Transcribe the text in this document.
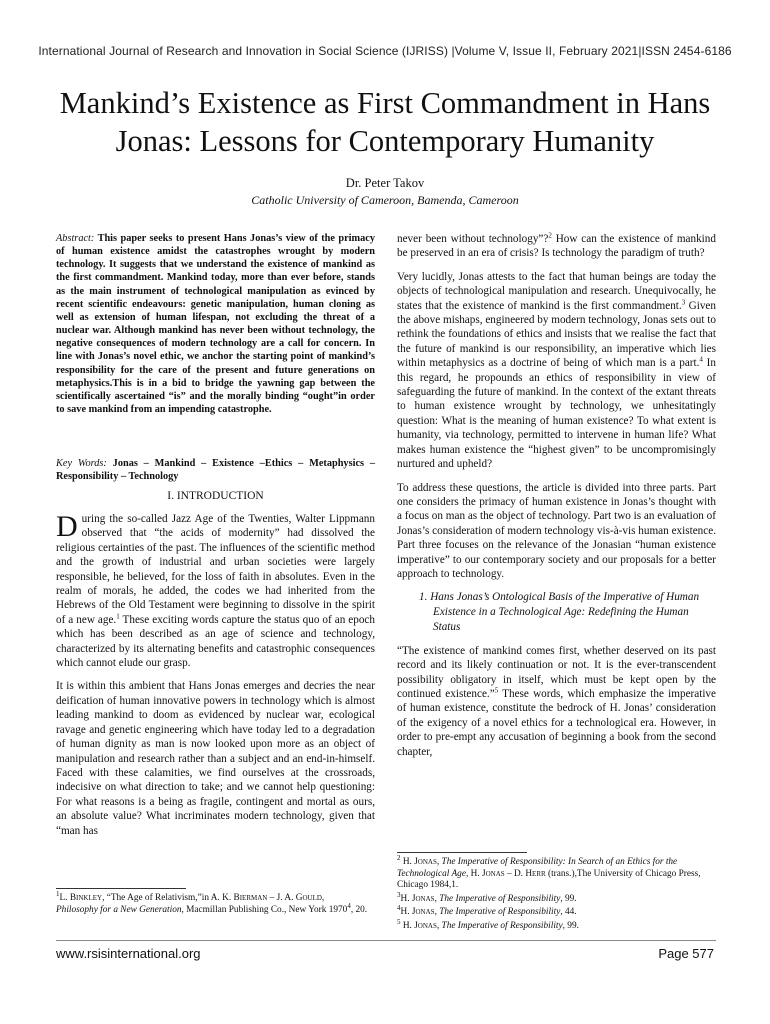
International Journal of Research and Innovation in Social Science (IJRISS) |Volume V, Issue II, February 2021|ISSN 2454-6186
Mankind’s Existence as First Commandment in Hans Jonas: Lessons for Contemporary Humanity
Dr. Peter Takov
Catholic University of Cameroon, Bamenda, Cameroon
Abstract: This paper seeks to present Hans Jonas’s view of the primacy of human existence amidst the catastrophes wrought by modern technology. It suggests that we understand the existence of mankind as the first commandment. Mankind today, more than ever before, stands as the main instrument of technological manipulation as evinced by recent scientific endeavours: genetic manipulation, human cloning as well as extension of human lifespan, not excluding the threat of a nuclear war. Although mankind has never been without technology, the negative consequences of modern technology are a call for concern. In line with Jonas’s novel ethic, we anchor the starting point of mankind’s responsibility for the care of the present and future generations on metaphysics.This is in a bid to bridge the yawning gap between the scientifically ascertained “is” and the morally binding “ought”in order to save mankind from an impending catastrophe.
Key Words: Jonas – Mankind – Existence –Ethics – Metaphysics – Responsibility – Technology
I. INTRODUCTION

During the so-called Jazz Age of the Twenties, Walter Lippmann observed that “the acids of modernity” had dissolved the religious certainties of the past. The influences of the scientific method and the growth of industrial and urban societies were largely responsible, he believed, for the loss of faith in absolutes. Even in the realm of morals, he added, the codes we had inherited from the Hebrews of the Old Testament were beginning to dissolve in the spirit of a new age.$^1$ These exciting words capture the status quo of an epoch which has been described as an age of science and technology, characterized by its alternating benefits and catastrophic consequences which cannot elude our grasp.

It is within this ambient that Hans Jonas emerges and decries the near deification of human innovative powers in technology which is almost leading mankind to doom as evidenced by nuclear war, ecological ravage and genetic engineering which have today led to a degradation of human dignity as man is now looked upon more as an object of manipulation and research rather than a subject and an end-in-himself. Faced with these calamities, we find ourselves at the crossroads, indecisive on what direction to take; and we cannot help questioning: For what reasons is a being as fragile, contingent and mortal as ours, an absolute value? What incriminates modern technology, given that “man has

$^1$L. Binkley, “The Age of Relativism,”in A. K. Bierman – J. A. Gould,
Philosophy for a New Generation, Macmillan Publishing Co., New York 1970$^4$, 20.

never been without technology”?$^2$ How can the existence of mankind be preserved in an era of crisis? Is technology the paradigm of truth?

Very lucidly, Jonas attests to the fact that human beings are today the objects of technological manipulation and research. Unequivocally, he states that the existence of mankind is the first commandment.$^3$ Given the above mishaps, engineered by modern technology, Jonas sets out to rethink the foundations of ethics and insists that we realise the fact that the future of mankind is our responsibility, an imperative which lies within metaphysics as a doctrine of being of which man is a part.$^4$ In this regard, he propounds an ethics of responsibility in view of safeguarding the future of mankind. In the context of the extant threats to human existence wrought by technology, we unhesitatingly question: What is the meaning of human existence? To what extent is humanity, via technology, permitted to intervene in human life? What makes human existence the “highest given” to be uncompromisingly nurtured and upheld?

To address these questions, the article is divided into three parts. Part one considers the primacy of human existence in Jonas’s thought with a focus on man as the object of technology. Part two is an evaluation of Jonas’s consideration of modern technology vis-à-vis human existence. Part three focuses on the relevance of the Jonasian “human existence imperative” to our contemporary society and our proposals for a better approach to technology.

1. Hans Jonas’s Ontological Basis of the Imperative of Human Existence in a Technological Age: Redefining the Human Status

“The existence of mankind comes first, whether deserved on its past record and its likely continuation or not. It is the ever-transcendent possibility obligatory in itself, which must be kept open by the continued existence.”$^5$ These words, which emphasize the imperative of human existence, constitute the bedrock of H. Jonas’ consideration of the exigency of a novel ethics for a technological era. However, in order to pre-empt any accusation of beginning a book from the second chapter,

$^2$ H. Jonas, The Imperative of Responsibility: In Search of an Ethics for the Technological Age, H. Jonas – D. Herr (trans.),The University of Chicago Press, Chicago 1984,1.

$^3$H. Jonas, The Imperative of Responsibility, 99.

$^4$H. Jonas, The Imperative of Responsibility, 44.

$^5$ H. Jonas, The Imperative of Responsibility, 99.

www.rsisinternational.org	Page 577
